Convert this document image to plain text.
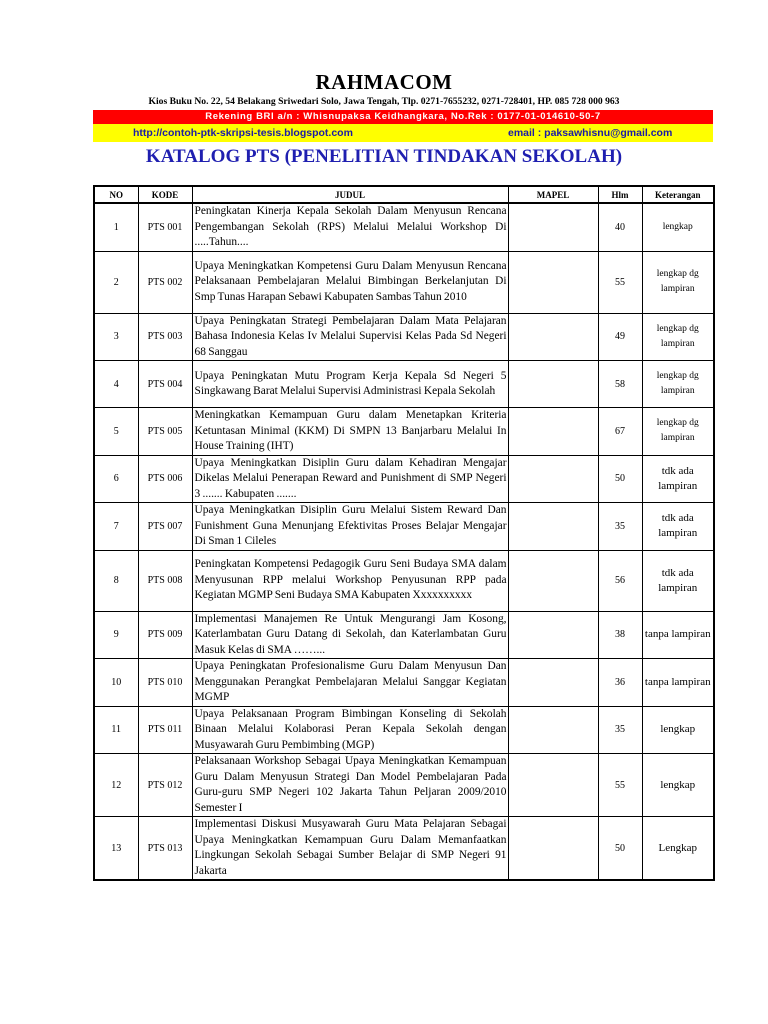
RAHMACOM
Kios Buku No. 22, 54 Belakang Sriwedari Solo, Jawa Tengah, Tlp. 0271-7655232, 0271-728401, HP. 085 728 000 963
Rekening BRI a/n : Whisnupaksa Keidhangkara, No.Rek : 0177-01-014610-50-7
http://contoh-ptk-skripsi-tesis.blogspot.com	email : paksawhisnu@gmail.com
KATALOG PTS (PENELITIAN TINDAKAN SEKOLAH)
NO	KODE	JUDUL	MAPEL	Hlm	Keterangan
1	PTS 001	Peningkatan Kinerja Kepala Sekolah Dalam Menyusun Rencana Pengembangan Sekolah (RPS) Melalui Melalui Workshop Di .....Tahun....		40	lengkap
2	PTS 002	Upaya Meningkatkan Kompetensi Guru Dalam Menyusun Rencana Pelaksanaan Pembelajaran Melalui Bimbingan Berkelanjutan Di Smp Tunas Harapan Sebawi Kabupaten Sambas Tahun 2010		55	lengkap dg lampiran
3	PTS 003	Upaya Peningkatan Strategi Pembelajaran Dalam Mata Pelajaran Bahasa Indonesia Kelas Iv Melalui Supervisi Kelas Pada Sd Negeri 68 Sanggau		49	lengkap dg lampiran
4	PTS 004	Upaya Peningkatan Mutu Program Kerja Kepala Sd Negeri 5 Singkawang Barat Melalui Supervisi Administrasi Kepala Sekolah		58	lengkap dg lampiran
5	PTS 005	Meningkatkan Kemampuan Guru dalam Menetapkan Kriteria Ketuntasan Minimal (KKM) Di SMPN 13 Banjarbaru Melalui In House Training (IHT)		67	lengkap dg lampiran
6	PTS 006	Upaya Meningkatkan Disiplin Guru dalam Kehadiran Mengajar Dikelas Melalui Penerapan Reward and Punishment di SMP Negeri 3 ....... Kabupaten .......		50	tdk ada lampiran
7	PTS 007	Upaya Meningkatkan Disiplin Guru Melalui Sistem Reward Dan Funishment Guna Menunjang Efektivitas Proses Belajar Mengajar Di Sman 1 Cileles		35	tdk ada lampiran
8	PTS 008	Peningkatan Kompetensi Pedagogik Guru Seni Budaya SMA dalam Menyusunan RPP melalui Workshop Penyusunan RPP pada Kegiatan MGMP Seni Budaya SMA Kabupaten Xxxxxxxxxx		56	tdk ada lampiran
9	PTS 009	Implementasi Manajemen Re Untuk Mengurangi Jam Kosong, Katerlambatan Guru Datang di Sekolah, dan Katerlambatan Guru Masuk Kelas di SMA ……...		38	tanpa lampiran
10	PTS 010	Upaya Peningkatan Profesionalisme Guru Dalam Menyusun Dan Menggunakan Perangkat Pembelajaran Melalui Sanggar Kegiatan MGMP		36	tanpa lampiran
11	PTS 011	Upaya Pelaksanaan Program Bimbingan Konseling di Sekolah Binaan Melalui Kolaborasi Peran Kepala Sekolah dengan Musyawarah Guru Pembimbing (MGP)		35	lengkap
12	PTS 012	Pelaksanaan Workshop Sebagai Upaya Meningkatkan Kemampuan Guru Dalam Menyusun Strategi Dan Model Pembelajaran Pada Guru-guru SMP Negeri 102 Jakarta Tahun Peljaran 2009/2010 Semester I		55	lengkap
13	PTS 013	Implementasi Diskusi Musyawarah Guru Mata Pelajaran Sebagai Upaya Meningkatkan Kemampuan Guru Dalam Memanfaatkan Lingkungan Sekolah Sebagai Sumber Belajar di SMP Negeri 91 Jakarta		50	Lengkap
